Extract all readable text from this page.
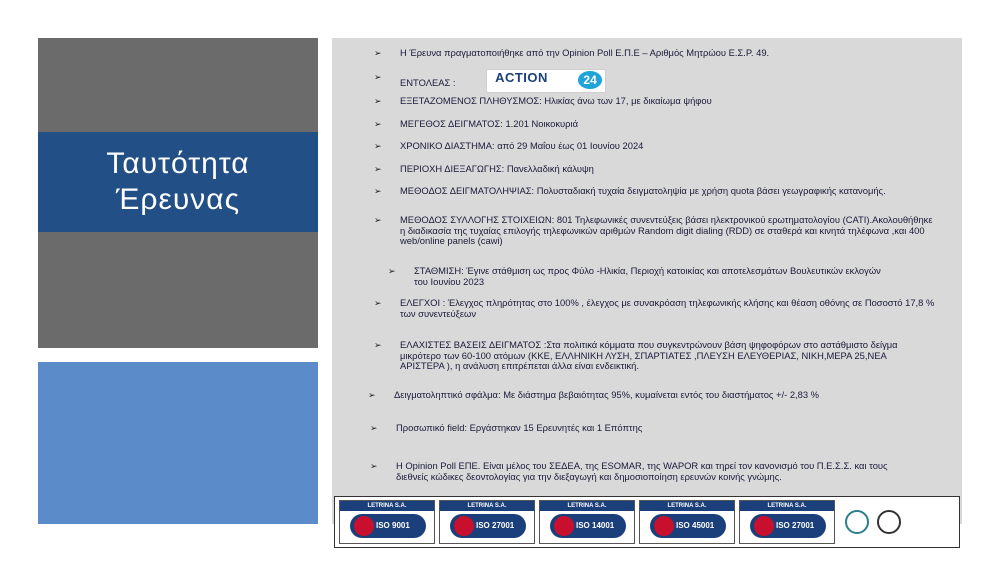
Ταυτότητα
Έρευνας
➢	Η Έρευνα πραγματοποιήθηκε από την Opinion Poll Ε.Π.Ε – Αριθμός Μητρώου Ε.Σ.Ρ. 49.
➢
ΕΝΤΟΛΕΑΣ :	ACTION	24
➢	ΕΞΕΤΑΖΟΜΕΝΟΣ ΠΛΗΘΥΣΜΟΣ: Ηλικίας άνω των 17, με δικαίωμα ψήφου
➢	ΜΕΓΕΘΟΣ ΔΕΙΓΜΑΤΟΣ: 1.201 Νοικοκυριά
➢	ΧΡΟΝΙΚΟ ΔΙΑΣΤΗΜΑ: από 29 Μαΐου έως 01 Ιουνίου 2024
➢	ΠΕΡΙΟΧΗ ΔΙΕΞΑΓΩΓΗΣ: Πανελλαδική κάλυψη
➢	ΜΕΘΟΔΟΣ ΔΕΙΓΜΑΤΟΛΗΨΙΑΣ: Πολυσταδιακή τυχαία δειγματοληψία με χρήση quota βάσει γεωγραφικής κατανομής.
➢	ΜΕΘΟΔΟΣ ΣΥΛΛΟΓΗΣ ΣΤΟΙΧΕΙΩΝ: 801 Τηλεφωνικές συνεντεύξεις βάσει ηλεκτρονικού ερωτηματολογίου (CATI).Ακολουθήθηκε η διαδικασία της τυχαίας επιλογής τηλεφωνικών αριθμών Random digit dialing (RDD) σε σταθερά και κινητά τηλέφωνα ,και 400 web/online panels (cawi)
➢	ΣΤΑΘΜΙΣΗ: Έγινε στάθμιση ως προς Φύλο -Ηλικία, Περιοχή κατοικίας και αποτελεσμάτων Βουλευτικών εκλογών του Ιουνίου 2023
➢	ΕΛΕΓΧΟΙ : Έλεγχος πληρότητας στο 100% , έλεγχος με συνακρόαση τηλεφωνικής κλήσης και θέαση οθόνης σε Ποσοστό 17,8 % των συνεντεύξεων
➢	ΕΛΑΧΙΣΤΕΣ ΒΑΣΕΙΣ ΔΕΙΓΜΑΤΟΣ :Στα πολιτικά κόμματα που συγκεντρώνουν βάση ψηφοφόρων στο αστάθμιστο δείγμα μικρότερο των 60-100 ατόμων (ΚΚΕ, ΕΛΛΗΝΙΚΗ ΛΥΣΗ, ΣΠΑΡΤΙΑΤΕΣ ,ΠΛΕΥΣΗ ΕΛΕΥΘΕΡΙΑΣ, ΝΙΚΗ,ΜΕΡΑ 25,ΝΕΑ ΑΡΙΣΤΕΡΑ ), η ανάλυση επιτρέπεται άλλα είναι ενδεικτική.
➢	Δειγματοληπτικό σφάλμα: Με διάστημα βεβαιότητας 95%, κυμαίνεται εντός του διαστήματος +/- 2,83 %
➢	Προσωπικό field: Εργάστηκαν 15 Ερευνητές και 1 Επόπτης
➢	Η Opinion Poll ΕΠΕ. Είναι μέλος του ΣΕΔΕΑ, της ESOMAR, της WAPOR και τηρεί τον κανονισμό του Π.Ε.Σ.Σ. και τους διεθνείς κώδικες δεοντολογίας για την διεξαγωγή και δημοσιοποίηση ερευνών κοινής γνώμης.
LETRINA S.A.
ISO 9001
LETRINA S.A.
ISO 27001
LETRINA S.A.
ISO 14001
LETRINA S.A.
ISO 45001
LETRINA S.A.
ISO 27001
